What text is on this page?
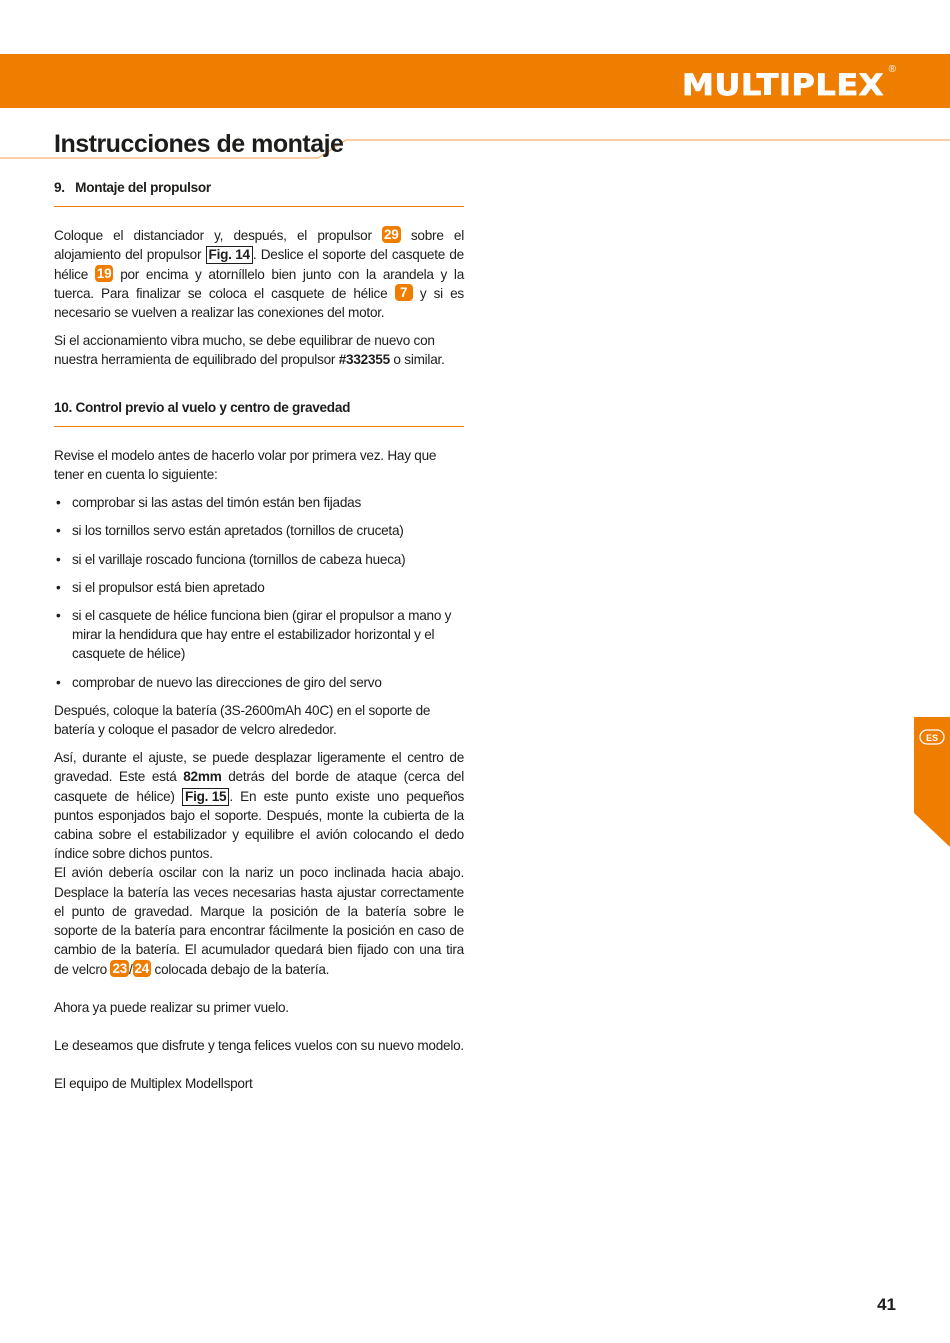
MULTIPLEX ®
Instrucciones de montaje
9.   Montaje del propulsor

Coloque el distanciador y, después, el propulsor 29 sobre el alojamiento del propulsor Fig. 14 . Deslice el soporte del casquete de hélice 19 por encima y atorníllelo bien junto con la arandela y la tuerca. Para finalizar se coloca el casquete de hélice 7 y si es necesario se vuelven a realizar las conexiones del motor.

Si el accionamiento vibra mucho, se debe equilibrar de nuevo con nuestra herramienta de equilibrado del propulsor #332355 o similar.

10. Control previo al vuelo y centro de gravedad

Revise el modelo antes de hacerlo volar por primera vez. Hay que tener en cuenta lo siguiente:

• comprobar si las astas del timón están ben fijadas
• si los tornillos servo están apretados (tornillos de cruceta)
• si el varillaje roscado funciona (tornillos de cabeza hueca)
• si el propulsor está bien apretado
• si el casquete de hélice funciona bien (girar el propulsor a mano y mirar la hendidura que hay entre el estabilizador horizontal y el casquete de hélice)
• comprobar de nuevo las direcciones de giro del servo

Después, coloque la batería (3S-2600mAh 40C) en el soporte de batería y coloque el pasador de velcro alrededor.

Así, durante el ajuste, se puede desplazar ligeramente el centro de gravedad. Este está 82mm detrás del borde de ataque (cerca del casquete de hélice) Fig. 15 . En este punto existe uno pequeños puntos esponjados bajo el soporte. Después, monte la cubierta de la cabina sobre el estabilizador y equilibre el avión colocando el dedo índice sobre dichos puntos.

El avión debería oscilar con la nariz un poco inclinada hacia abajo. Desplace la batería las veces necesarias hasta ajustar correctamente el punto de gravedad. Marque la posición de la batería sobre le soporte de la batería para encontrar fácilmente la posición en caso de cambio de la batería. El acumulador quedará bien fijado con una tira de velcro 23 / 24 colocada debajo de la batería.

Ahora ya puede realizar su primer vuelo.

Le deseamos que disfrute y tenga felices vuelos con su nuevo modelo.

El equipo de Multiplex Modellsport

ES
41
